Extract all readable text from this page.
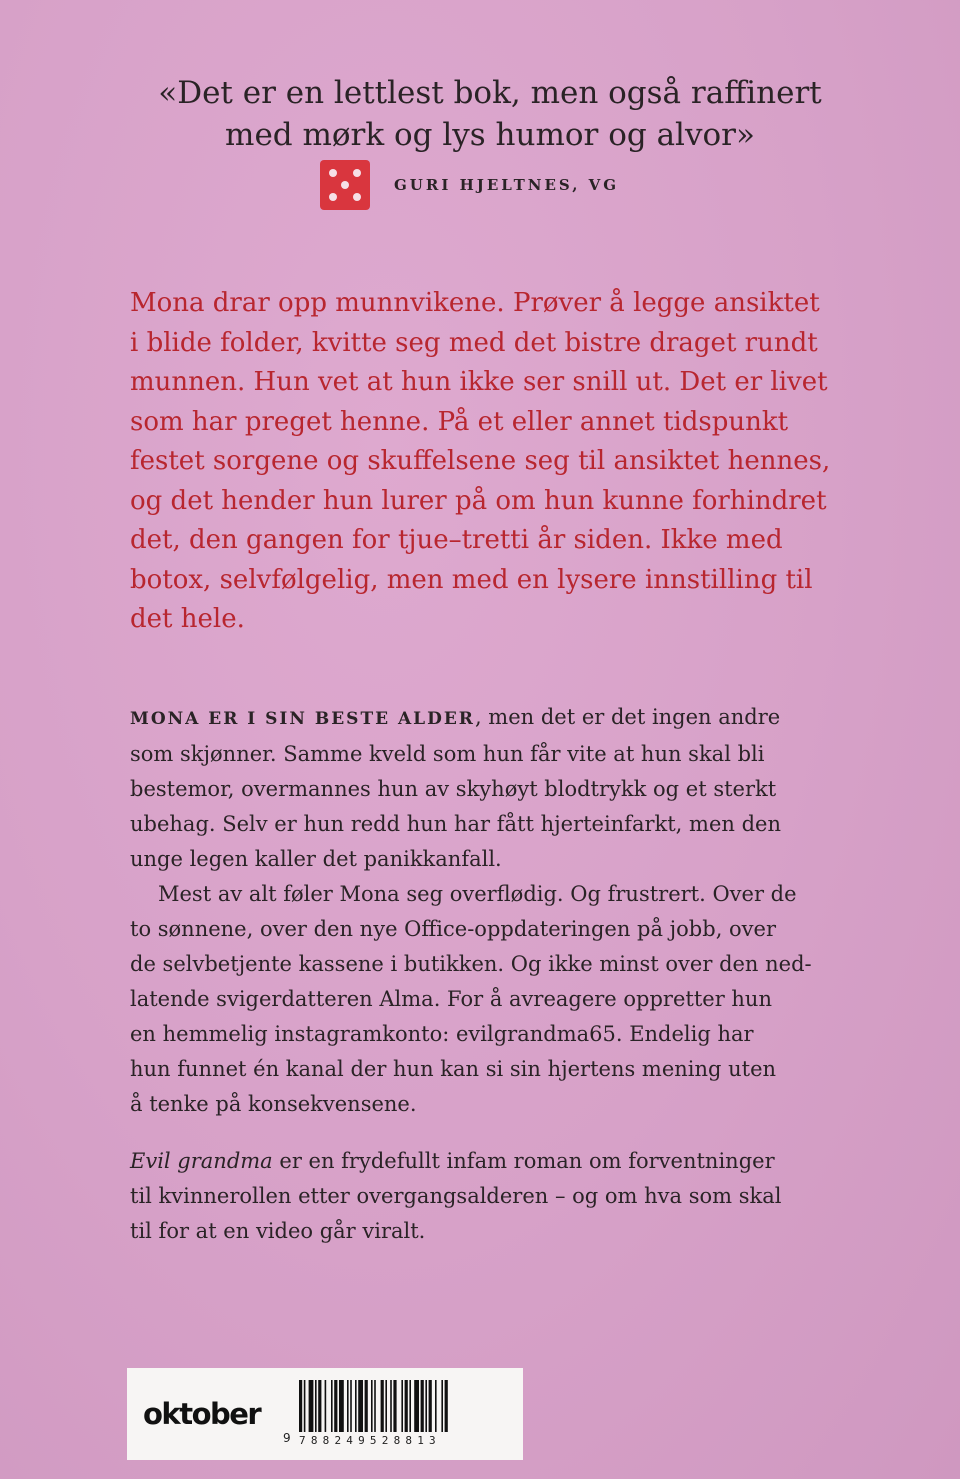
«Det er en lettlest bok, men også raffinert
med mørk og lys humor og alvor»
GURI HJELTNES, VG
Mona drar opp munnvikene. Prøver å legge ansiktet
i blide folder, kvitte seg med det bistre draget rundt
munnen. Hun vet at hun ikke ser snill ut. Det er livet
som har preget henne. På et eller annet tidspunkt
festet sorgene og skuffelsene seg til ansiktet hennes,
og det hender hun lurer på om hun kunne forhindret
det, den gangen for tjue–tretti år siden. Ikke med
botox, selvfølgelig, men med en lysere innstilling til
det hele.
MONA ER I SIN BESTE ALDER, men det er det ingen andre
som skjønner. Samme kveld som hun får vite at hun skal bli
bestemor, overmannes hun av skyhøyt blodtrykk og et sterkt
ubehag. Selv er hun redd hun har fått hjerteinfarkt, men den
unge legen kaller det panikkanfall.
Mest av alt føler Mona seg overflødig. Og frustrert. Over de
to sønnene, over den nye Office-oppdateringen på jobb, over
de selvbetjente kassene i butikken. Og ikke minst over den ned-
latende svigerdatteren Alma. For å avreagere oppretter hun
en hemmelig instagramkonto: evilgrandma65. Endelig har
hun funnet én kanal der hun kan si sin hjertens mening uten
å tenke på konsekvensene.
Evil grandma er en frydefullt infam roman om forventninger
til kvinnerollen etter overgangsalderen – og om hva som skal
til for at en video går viralt.
oktober
9 788249528813
